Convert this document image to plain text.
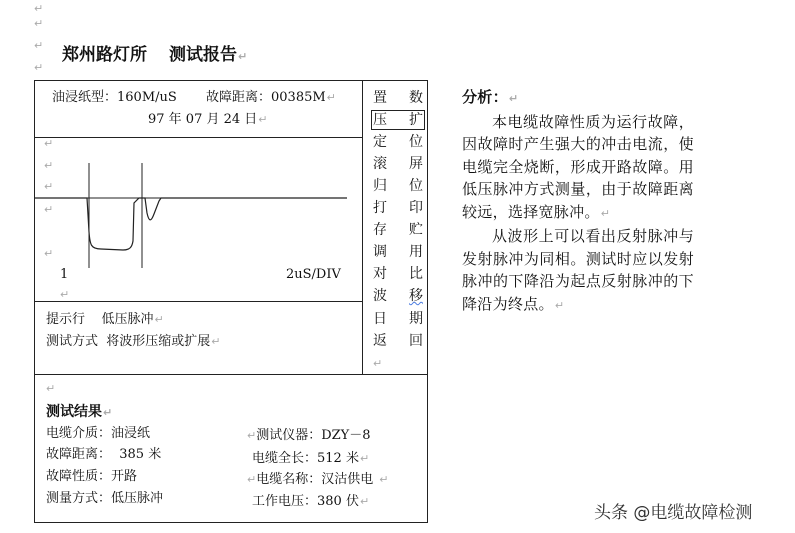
↵
↵
↵
↵
郑州路灯所 测试报告↵
油浸纸型：160M/uS 故障距离：00385M↵
97 年 07 月 24 日↵
↵
↵
↵
↵
↵
1	2uS/DIV
↵
提示行    低压脉冲↵
测试方式  将波形压缩或扩展↵
置 数
压 扩
定 位
滚 屏
归 位
打 印
存 贮
调 用
对 比
波 移
日 期
返 回
↵
↵
测试结果↵
电缆介质：油浸纸
故障距离：  385 米
故障性质：开路
测量方式：低压脉冲
↵测试仪器：DZY－8
电缆全长：512 米↵
↵电缆名称：汉沽供电 ↵
工作电压：380 伏↵
分析：↵

本电缆故障性质为运行故障，因故障时产生强大的冲击电流，使电缆完全烧断，形成开路故障。用低压脉冲方式测量，由于故障距离较远，选择宽脉冲。↵

从波形上可以看出反射脉冲与发射脉冲为同相。测试时应以发射脉冲的下降沿为起点反射脉冲的下降沿为终点。↵

头条 @电缆故障检测
